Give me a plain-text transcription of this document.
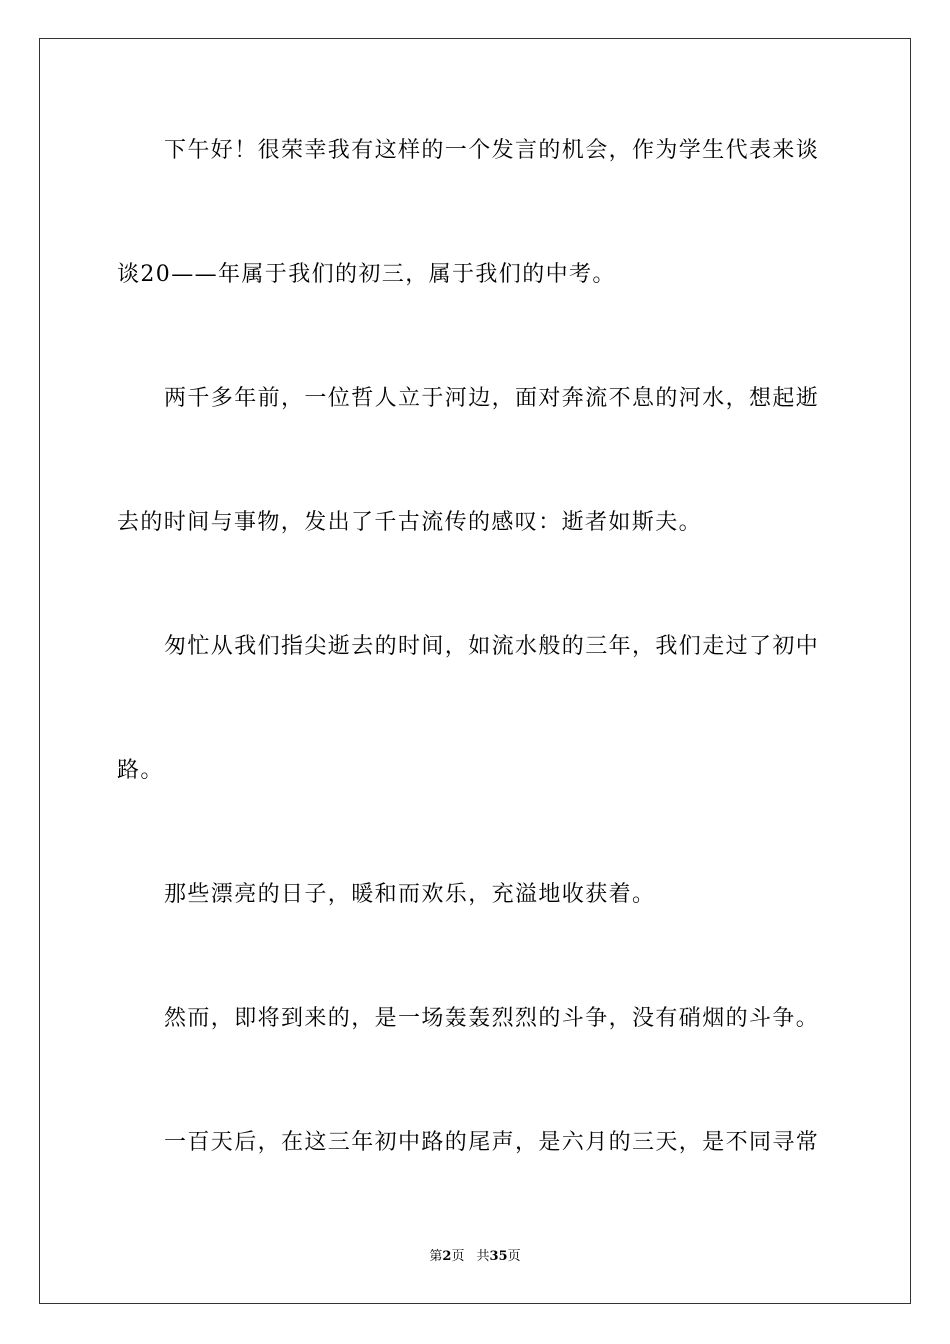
下午好！很荣幸我有这样的一个发言的机会，作为学生代表来谈
谈20——年属于我们的初三，属于我们的中考。
两千多年前，一位哲人立于河边，面对奔流不息的河水，想起逝
去的时间与事物，发出了千古流传的感叹：逝者如斯夫。
匆忙从我们指尖逝去的时间，如流水般的三年，我们走过了初中
路。
那些漂亮的日子，暖和而欢乐，充溢地收获着。
然而，即将到来的，是一场轰轰烈烈的斗争，没有硝烟的斗争。
一百天后，在这三年初中路的尾声，是六月的三天，是不同寻常
第2页 共35页
